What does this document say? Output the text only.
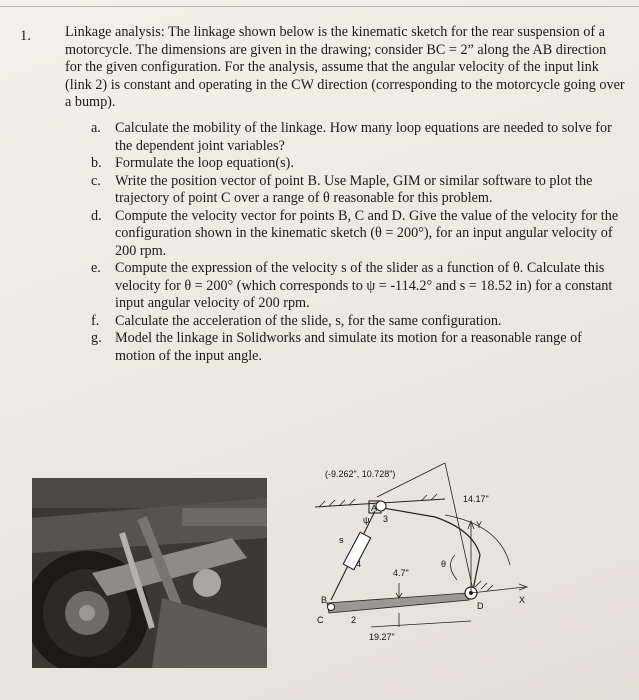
1. Linkage analysis: The linkage shown below is the kinematic sketch for the rear suspension of a motorcycle. The dimensions are given in the drawing; consider BC = 2” along the AB direction for the given configuration. For the analysis, assume that the angular velocity of the input link (link 2) is constant and operating in the CW direction (corresponding to the motorcycle going over a bump).
a. Calculate the mobility of the linkage. How many loop equations are needed to solve for the dependent joint variables?
b. Formulate the loop equation(s).
c. Write the position vector of point B. Use Maple, GIM or similar software to plot the trajectory of point C over a range of θ reasonable for this problem.
d. Compute the velocity vector for points B, C and D. Give the value of the velocity for the configuration shown in the kinematic sketch (θ = 200°), for an input angular velocity of 200 rpm.
e. Compute the expression of the velocity s of the slider as a function of θ. Calculate this velocity for θ = 200° (which corresponds to ψ = -114.2° and s = 18.52 in) for a constant input angular velocity of 200 rpm.
f. Calculate the acceleration of the slide, s, for the same configuration.
g. Model the linkage in Solidworks and simulate its motion for a reasonable range of motion of the input angle.
A
3
ψ
4
s
B
C	2
D
Y
X
θ
4.7"
19.27"
(-9.262", 10.728")
14.17"
